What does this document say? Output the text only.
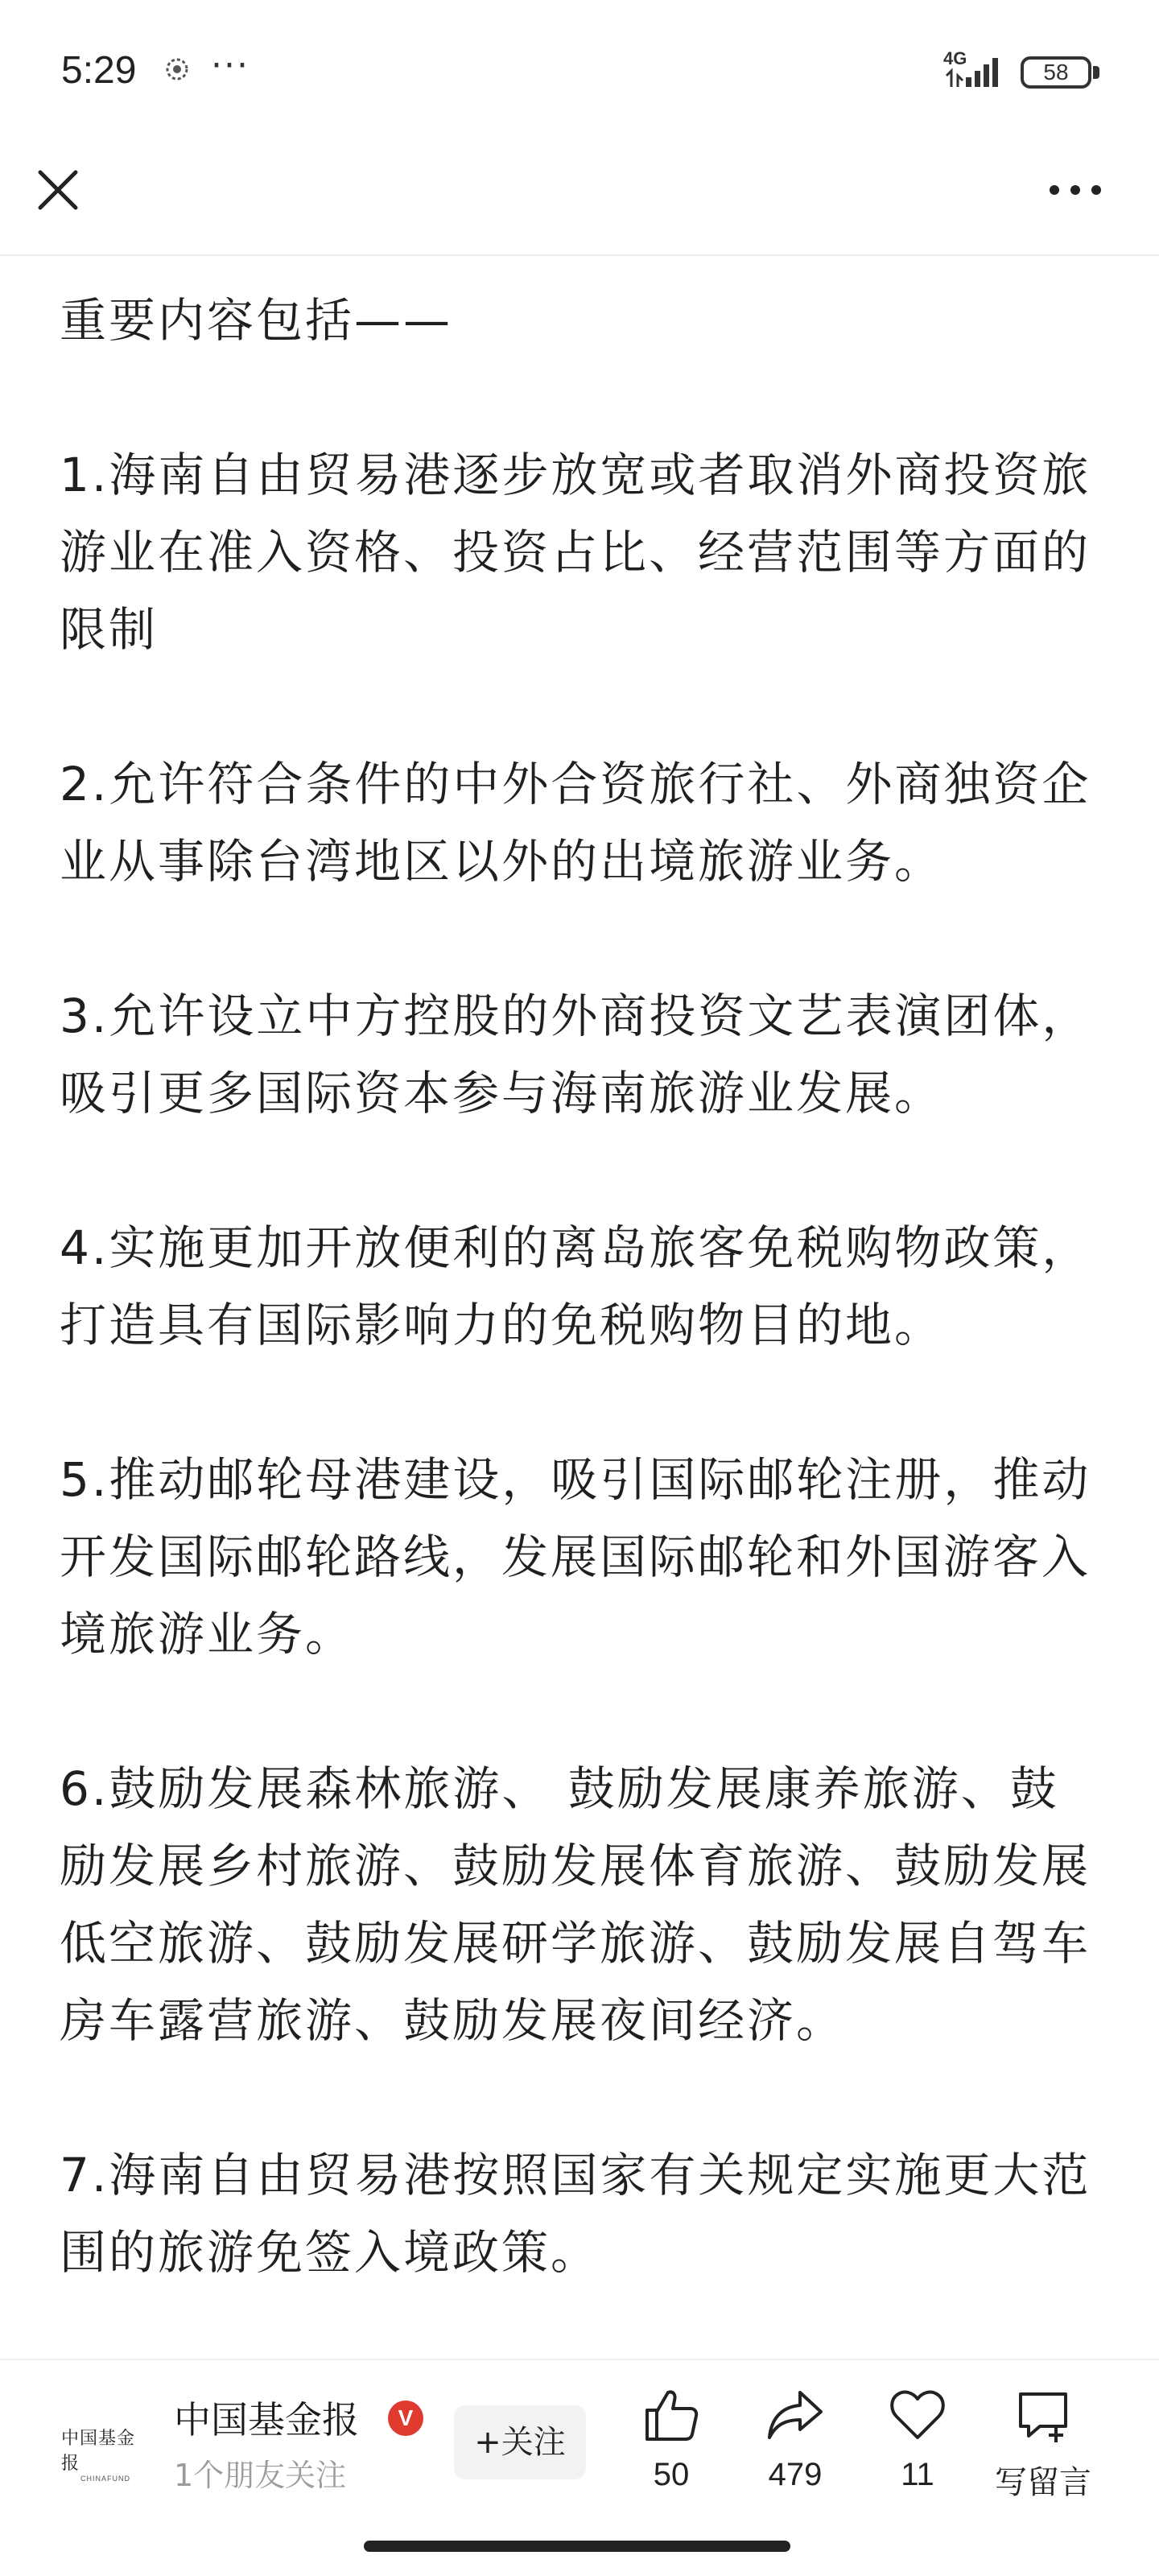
5:29 ···	4G
58

重要内容包括——

1.海南自由贸易港逐步放宽或者取消外商投资旅游业在准入资格、投资占比、经营范围等方面的限制

2.允许符合条件的中外合资旅行社、外商独资企业从事除台湾地区以外的出境旅游业务。

3.允许设立中方控股的外商投资文艺表演团体，吸引更多国际资本参与海南旅游业发展。

4.实施更加开放便利的离岛旅客免税购物政策，打造具有国际影响力的免税购物目的地。

5.推动邮轮母港建设，吸引国际邮轮注册，推动开发国际邮轮路线，发展国际邮轮和外国游客入境旅游业务。

6.鼓励发展森林旅游、 鼓励发展康养旅游、鼓励发展乡村旅游、鼓励发展体育旅游、鼓励发展低空旅游、鼓励发展研学旅游、鼓励发展自驾车房车露营旅游、鼓励发展夜间经济。

7.海南自由贸易港按照国家有关规定实施更大范围的旅游免签入境政策。

中国基金报
CHINAFUND
中国基金报	V
1个朋友关注
+关注
50	479	11	写留言
